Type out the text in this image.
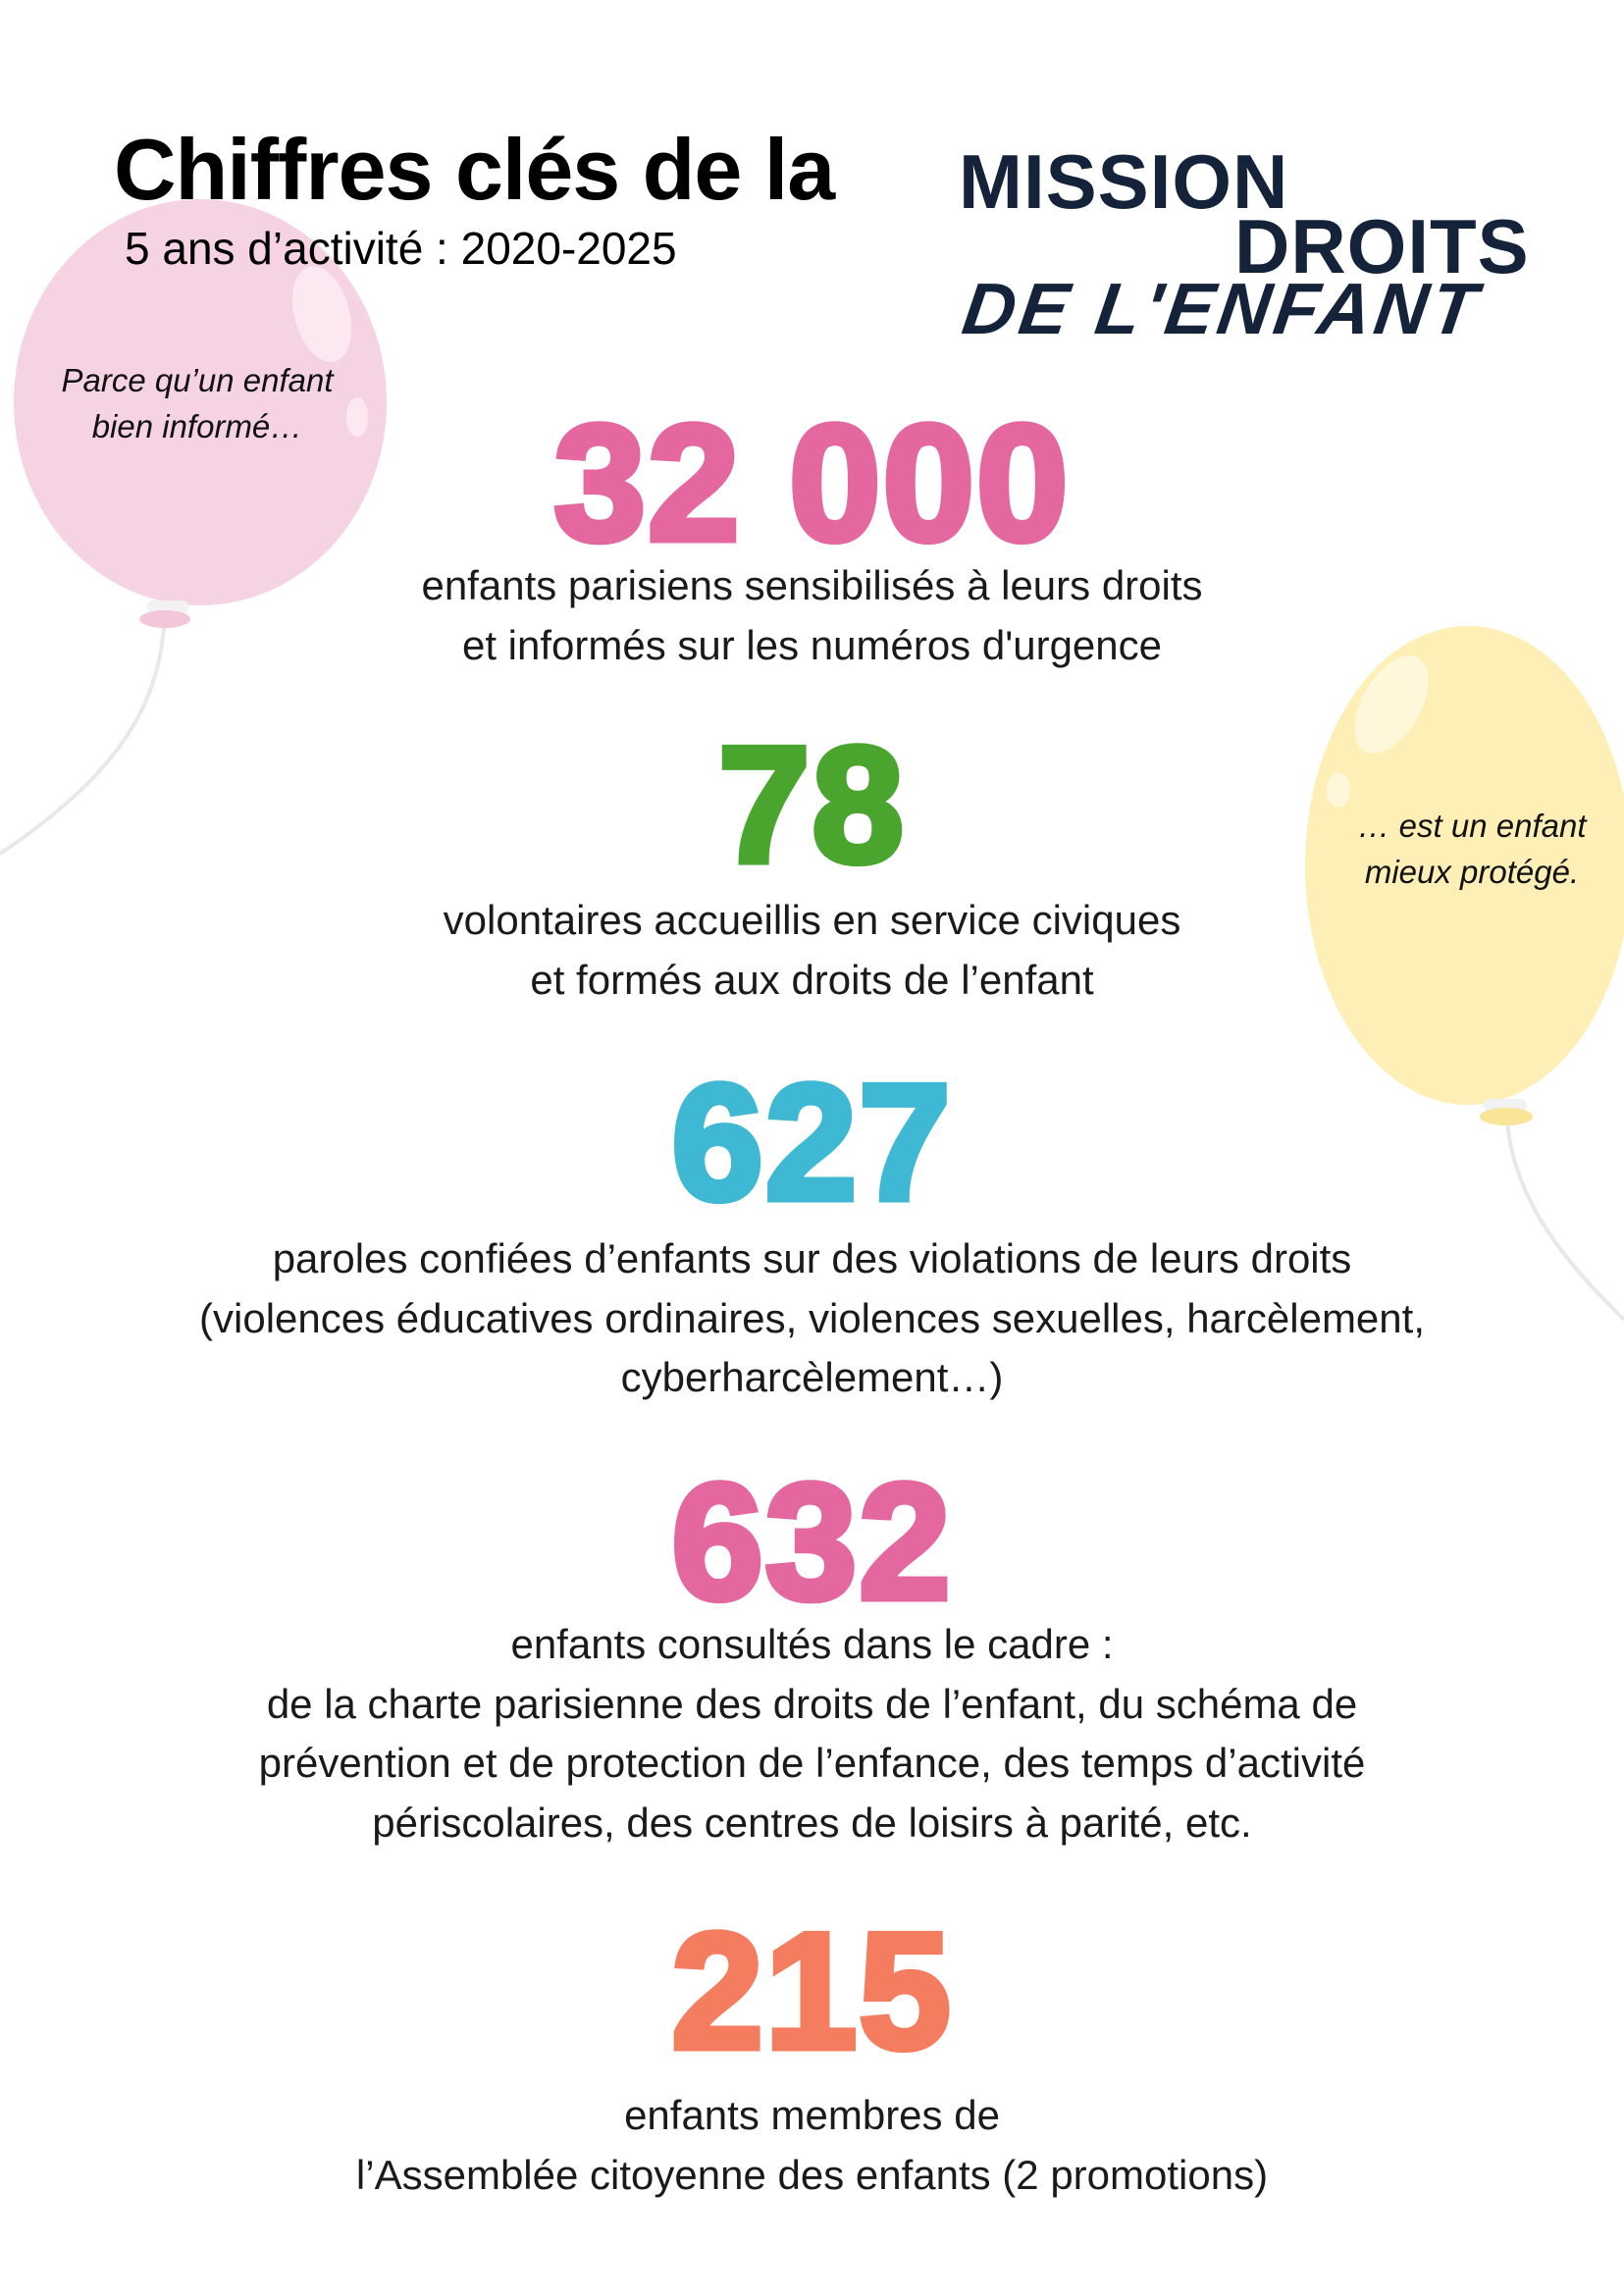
Chiffres clés de la
5 ans d’activité : 2020-2025
MISSION
DROITS
DE L'ENFANT
Parce qu’un enfant
bien informé…
… est un enfant
mieux protégé.
32 000
enfants parisiens sensibilisés à leurs droits
et informés sur les numéros d'urgence
78
volontaires accueillis en service civiques
et formés aux droits de l’enfant
627
paroles confiées d’enfants sur des violations de leurs droits
(violences éducatives ordinaires, violences sexuelles, harcèlement,
cyberharcèlement…)
632
enfants consultés dans le cadre :
de la charte parisienne des droits de l’enfant, du schéma de
prévention et de protection de l’enfance, des temps d’activité
périscolaires, des centres de loisirs à parité, etc.
215
enfants membres de
l’Assemblée citoyenne des enfants (2 promotions)
